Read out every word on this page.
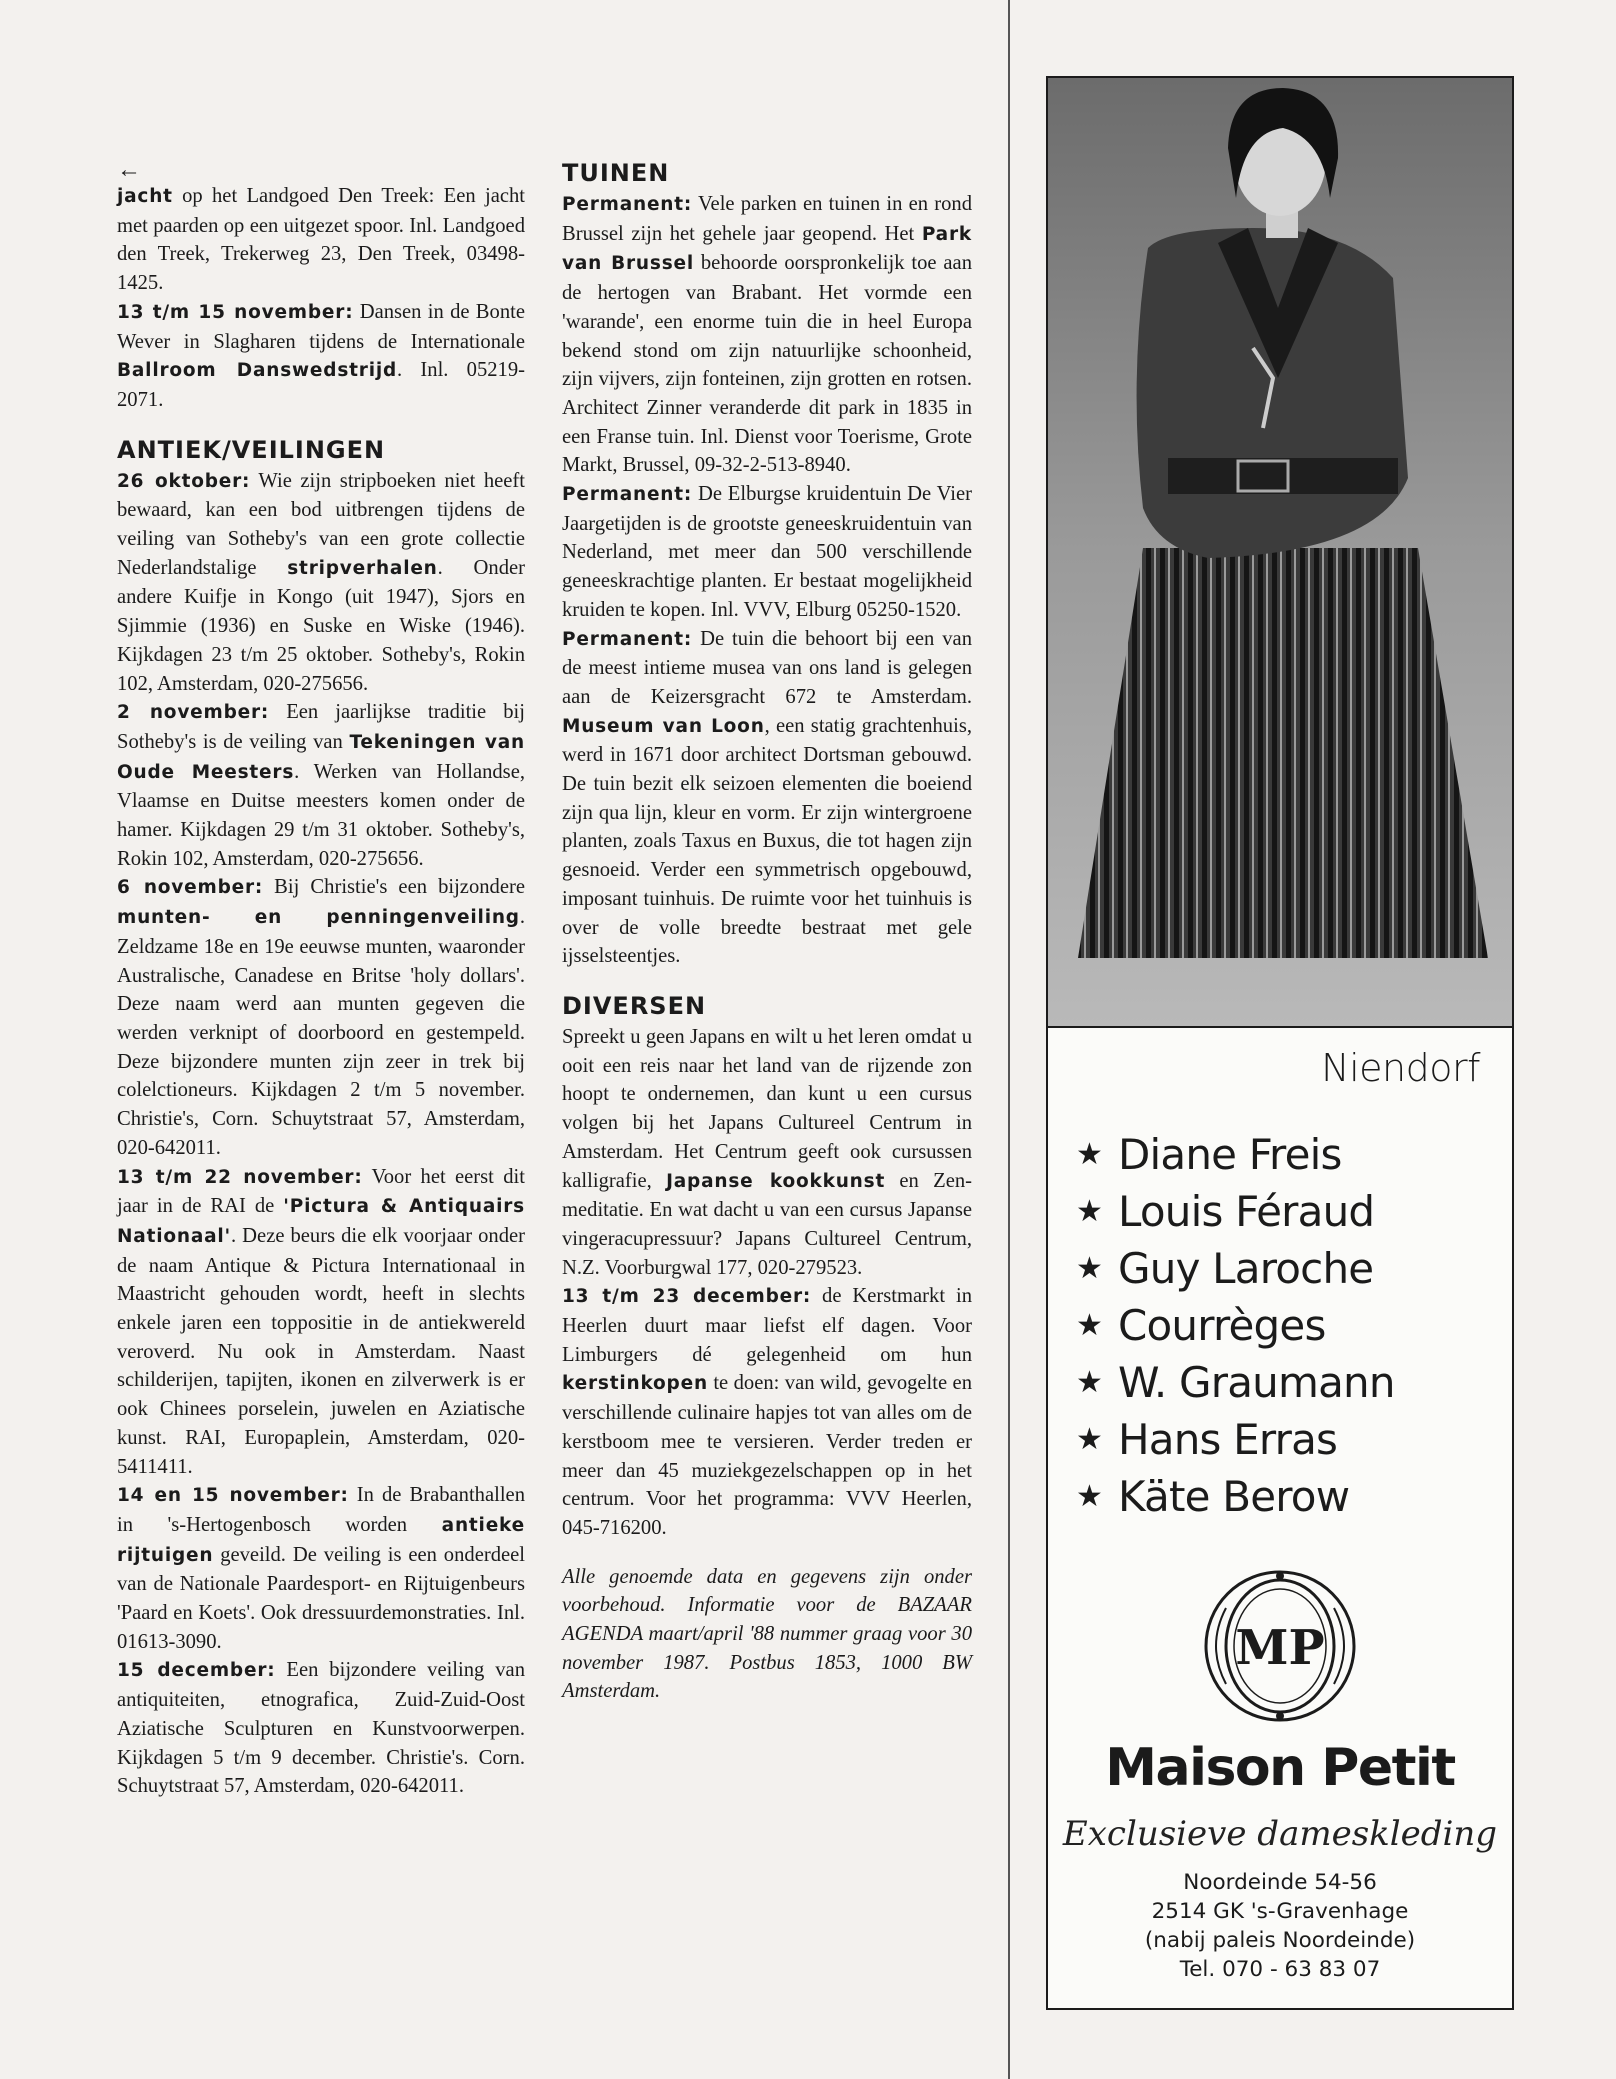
←

jacht op het Landgoed Den Treek: Een jacht met paarden op een uitgezet spoor. Inl. Landgoed den Treek, Trekerweg 23, Den Treek, 03498-1425.

13 t/m 15 november: Dansen in de Bonte Wever in Slagharen tijdens de Internationale Ballroom Danswedstrijd. Inl. 05219-2071.

ANTIEK/VEILINGEN

26 oktober: Wie zijn stripboeken niet heeft bewaard, kan een bod uitbrengen tijdens de veiling van Sotheby's van een grote collectie Nederlandstalige stripverhalen. Onder andere Kuifje in Kongo (uit 1947), Sjors en Sjimmie (1936) en Suske en Wiske (1946). Kijkdagen 23 t/m 25 oktober. Sotheby's, Rokin 102, Amsterdam, 020-275656.

2 november: Een jaarlijkse traditie bij Sotheby's is de veiling van Tekeningen van Oude Meesters. Werken van Hollandse, Vlaamse en Duitse meesters komen onder de hamer. Kijkdagen 29 t/m 31 oktober. Sotheby's, Rokin 102, Amsterdam, 020-275656.

6 november: Bij Christie's een bijzondere munten- en penningenveiling. Zeldzame 18e en 19e eeuwse munten, waaronder Australische, Canadese en Britse 'holy dollars'. Deze naam werd aan munten gegeven die werden verknipt of doorboord en gestempeld. Deze bijzondere munten zijn zeer in trek bij colelctioneurs. Kijkdagen 2 t/m 5 november. Christie's, Corn. Schuytstraat 57, Amsterdam, 020-642011.

13 t/m 22 november: Voor het eerst dit jaar in de RAI de 'Pictura & Antiquairs Nationaal'. Deze beurs die elk voorjaar onder de naam Antique & Pictura Internationaal in Maastricht gehouden wordt, heeft in slechts enkele jaren een toppositie in de antiekwereld veroverd. Nu ook in Amsterdam. Naast schilderijen, tapijten, ikonen en zilverwerk is er ook Chinees porselein, juwelen en Aziatische kunst. RAI, Europaplein, Amsterdam, 020-5411411.

14 en 15 november: In de Brabanthallen in 's-Hertogenbosch worden antieke rijtuigen geveild. De veiling is een onderdeel van de Nationale Paardesport- en Rijtuigenbeurs 'Paard en Koets'. Ook dressuurdemonstraties. Inl. 01613-3090.

15 december: Een bijzondere veiling van antiquiteiten, etnografica, Zuid-Zuid-Oost Aziatische Sculpturen en Kunstvoorwerpen. Kijkdagen 5 t/m 9 december. Christie's. Corn. Schuytstraat 57, Amsterdam, 020-642011.

TUINEN

Permanent: Vele parken en tuinen in en rond Brussel zijn het gehele jaar geopend. Het Park van Brussel behoorde oorspronkelijk toe aan de hertogen van Brabant. Het vormde een 'warande', een enorme tuin die in heel Europa bekend stond om zijn natuurlijke schoonheid, zijn vijvers, zijn fonteinen, zijn grotten en rotsen. Architect Zinner veranderde dit park in 1835 in een Franse tuin. Inl. Dienst voor Toerisme, Grote Markt, Brussel, 09-32-2-513-8940.

Permanent: De Elburgse kruidentuin De Vier Jaargetijden is de grootste geneeskruidentuin van Nederland, met meer dan 500 verschillende geneeskrachtige planten. Er bestaat mogelijkheid kruiden te kopen. Inl. VVV, Elburg 05250-1520.

Permanent: De tuin die behoort bij een van de meest intieme musea van ons land is gelegen aan de Keizersgracht 672 te Amsterdam. Museum van Loon, een statig grachtenhuis, werd in 1671 door architect Dortsman gebouwd. De tuin bezit elk seizoen elementen die boeiend zijn qua lijn, kleur en vorm. Er zijn wintergroene planten, zoals Taxus en Buxus, die tot hagen zijn gesnoeid. Verder een symmetrisch opgebouwd, imposant tuinhuis. De ruimte voor het tuinhuis is over de volle breedte bestraat met gele ijsselsteentjes.

DIVERSEN

Spreekt u geen Japans en wilt u het leren omdat u ooit een reis naar het land van de rijzende zon hoopt te ondernemen, dan kunt u een cursus volgen bij het Japans Cultureel Centrum in Amsterdam. Het Centrum geeft ook cursussen kalligrafie, Japanse kookkunst en Zen-meditatie. En wat dacht u van een cursus Japanse vingeracupressuur? Japans Cultureel Centrum, N.Z. Voorburgwal 177, 020-279523.

13 t/m 23 december: de Kerstmarkt in Heerlen duurt maar liefst elf dagen. Voor Limburgers dé gelegenheid om hun kerstinkopen te doen: van wild, gevogelte en verschillende culinaire hapjes tot van alles om de kerstboom mee te versieren. Verder treden er meer dan 45 muziekgezelschappen op in het centrum. Voor het programma: VVV Heerlen, 045-716200.

Alle genoemde data en gegevens zijn onder voorbehoud. Informatie voor de BAZAAR AGENDA maart/april '88 nummer graag voor 30 november 1987. Postbus 1853, 1000 BW Amsterdam.

Niendorf
★ Diane Freis
★ Louis Féraud
★ Guy Laroche
★ Courrèges
★ W. Graumann
★ Hans Erras
★ Käte Berow
MP
Maison Petit
Exclusieve dameskleding
Noordeinde 54-56
2514 GK 's-Gravenhage
(nabij paleis Noordeinde)
Tel. 070 - 63 83 07
